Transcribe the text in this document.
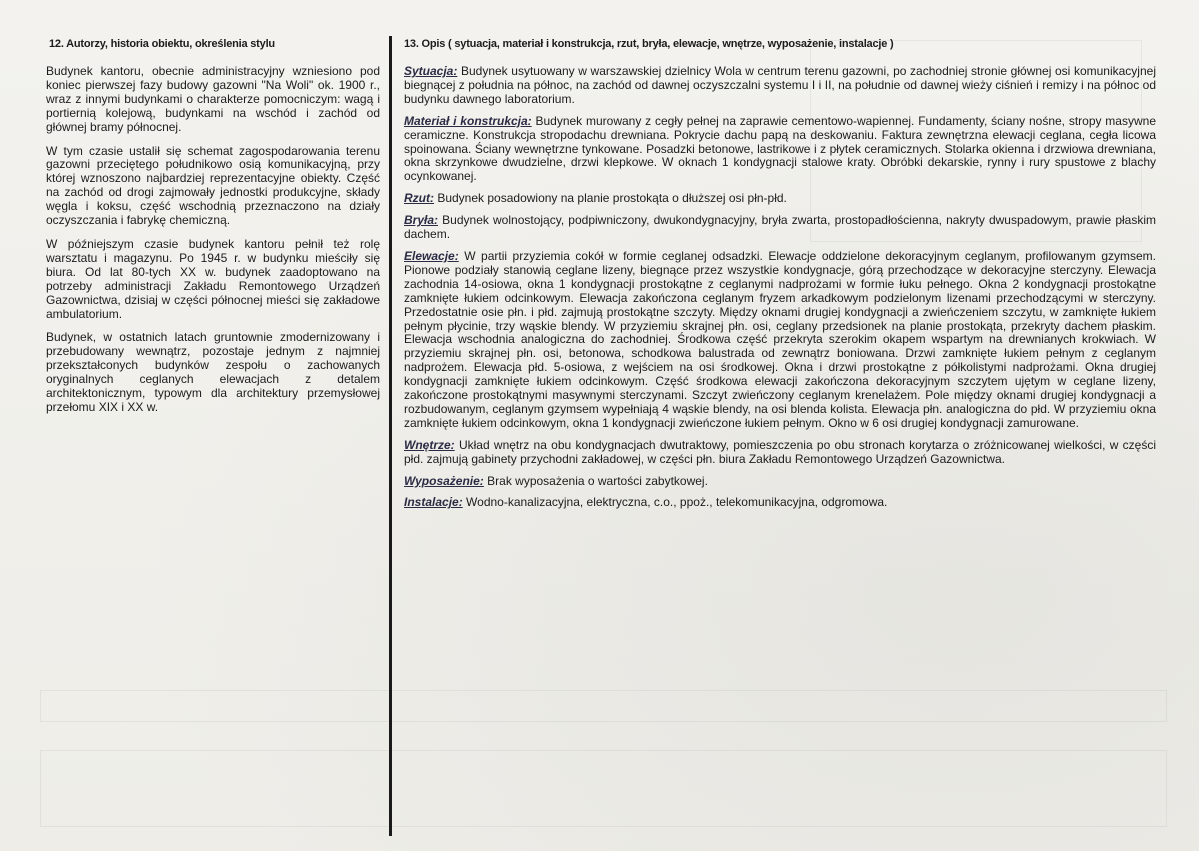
12. Autorzy, historia obiektu, określenia stylu

Budynek kantoru, obecnie administracyjny wzniesiono pod koniec pierwszej fazy budowy gazowni "Na Woli" ok. 1900 r., wraz z innymi budynkami o charakterze pomocniczym: wagą i portiernią kolejową, budynkami na wschód i zachód od głównej bramy północnej.

W tym czasie ustalił się schemat zagospodarowania terenu gazowni przeciętego południkowo osią komunikacyjną, przy której wznoszono najbardziej reprezentacyjne obiekty. Część na zachód od drogi zajmowały jednostki produkcyjne, składy węgla i koksu, część wschodnią przeznaczono na działy oczyszczania i fabrykę chemiczną.

W późniejszym czasie budynek kantoru pełnił też rolę warsztatu i magazynu. Po 1945 r. w budynku mieściły się biura. Od lat 80-tych XX w. budynek zaadoptowano na potrzeby administracji Zakładu Remontowego Urządzeń Gazownictwa, dzisiaj w części północnej mieści się zakładowe ambulatorium.

Budynek, w ostatnich latach gruntownie zmodernizowany i przebudowany wewnątrz, pozostaje jednym z najmniej przekształconych budynków zespołu o zachowanych oryginalnych ceglanych elewacjach z detalem architektonicznym, typowym dla architektury przemysłowej przełomu XIX i XX w.

13. Opis ( sytuacja, materiał i konstrukcja, rzut, bryła, elewacje, wnętrze, wyposażenie, instalacje )

Sytuacja: Budynek usytuowany w warszawskiej dzielnicy Wola w centrum terenu gazowni, po zachodniej stronie głównej osi komunikacyjnej biegnącej z południa na północ, na zachód od dawnej oczyszczalni systemu I i II, na południe od dawnej wieży ciśnień i remizy i na północ od budynku dawnego laboratorium.

Materiał i konstrukcja: Budynek murowany z cegły pełnej na zaprawie cementowo-wapiennej. Fundamenty, ściany nośne, stropy masywne ceramiczne. Konstrukcja stropodachu drewniana. Pokrycie dachu papą na deskowaniu. Faktura zewnętrzna elewacji ceglana, cegła licowa spoinowana. Ściany wewnętrzne tynkowane. Posadzki betonowe, lastrikowe i z płytek ceramicznych. Stolarka okienna i drzwiowa drewniana, okna skrzynkowe dwudzielne, drzwi klepkowe. W oknach 1 kondygnacji stalowe kraty. Obróbki dekarskie, rynny i rury spustowe z blachy ocynkowanej.

Rzut: Budynek posadowiony na planie prostokąta o dłuższej osi płn-płd.

Bryła: Budynek wolnostojący, podpiwniczony, dwukondygnacyjny, bryła zwarta, prostopadłościenna, nakryty dwuspadowym, prawie płaskim dachem.

Elewacje: W partii przyziemia cokół w formie ceglanej odsadzki. Elewacje oddzielone dekoracyjnym ceglanym, profilowanym gzymsem. Pionowe podziały stanowią ceglane lizeny, biegnące przez wszystkie kondygnacje, górą przechodzące w dekoracyjne sterczyny. Elewacja zachodnia 14-osiowa, okna 1 kondygnacji prostokątne z ceglanymi nadprożami w formie łuku pełnego. Okna 2 kondygnacji prostokątne zamknięte łukiem odcinkowym. Elewacja zakończona ceglanym fryzem arkadkowym podzielonym lizenami przechodzącymi w sterczyny. Przedostatnie osie płn. i płd. zajmują prostokątne szczyty. Między oknami drugiej kondygnacji a zwieńczeniem szczytu, w zamknięte łukiem pełnym płycinie, trzy wąskie blendy. W przyziemiu skrajnej płn. osi, ceglany przedsionek na planie prostokąta, przekryty dachem płaskim. Elewacja wschodnia analogiczna do zachodniej. Środkowa część przekryta szerokim okapem wspartym na drewnianych krokwiach. W przyziemiu skrajnej płn. osi, betonowa, schodkowa balustrada od zewnątrz boniowana. Drzwi zamknięte łukiem pełnym z ceglanym nadprożem. Elewacja płd. 5-osiowa, z wejściem na osi środkowej. Okna i drzwi prostokątne z półkolistymi nadprożami. Okna drugiej kondygnacji zamknięte łukiem odcinkowym. Część środkowa elewacji zakończona dekoracyjnym szczytem ujętym w ceglane lizeny, zakończone prostokątnymi masywnymi sterczynami. Szczyt zwieńczony ceglanym krenelażem. Pole między oknami drugiej kondygnacji a rozbudowanym, ceglanym gzymsem wypełniają 4 wąskie blendy, na osi blenda kolista. Elewacja płn. analogiczna do płd. W przyziemiu okna zamknięte łukiem odcinkowym, okna 1 kondygnacji zwieńczone łukiem pełnym. Okno w 6 osi drugiej kondygnacji zamurowane.

Wnętrze: Układ wnętrz na obu kondygnacjach dwutraktowy, pomieszczenia po obu stronach korytarza o zróżnicowanej wielkości, w części płd. zajmują gabinety przychodni zakładowej, w części płn. biura Zakładu Remontowego Urządzeń Gazownictwa.

Wyposażenie: Brak wyposażenia o wartości zabytkowej.

Instalacje: Wodno-kanalizacyjna, elektryczna, c.o., ppoż., telekomunikacyjna, odgromowa.
